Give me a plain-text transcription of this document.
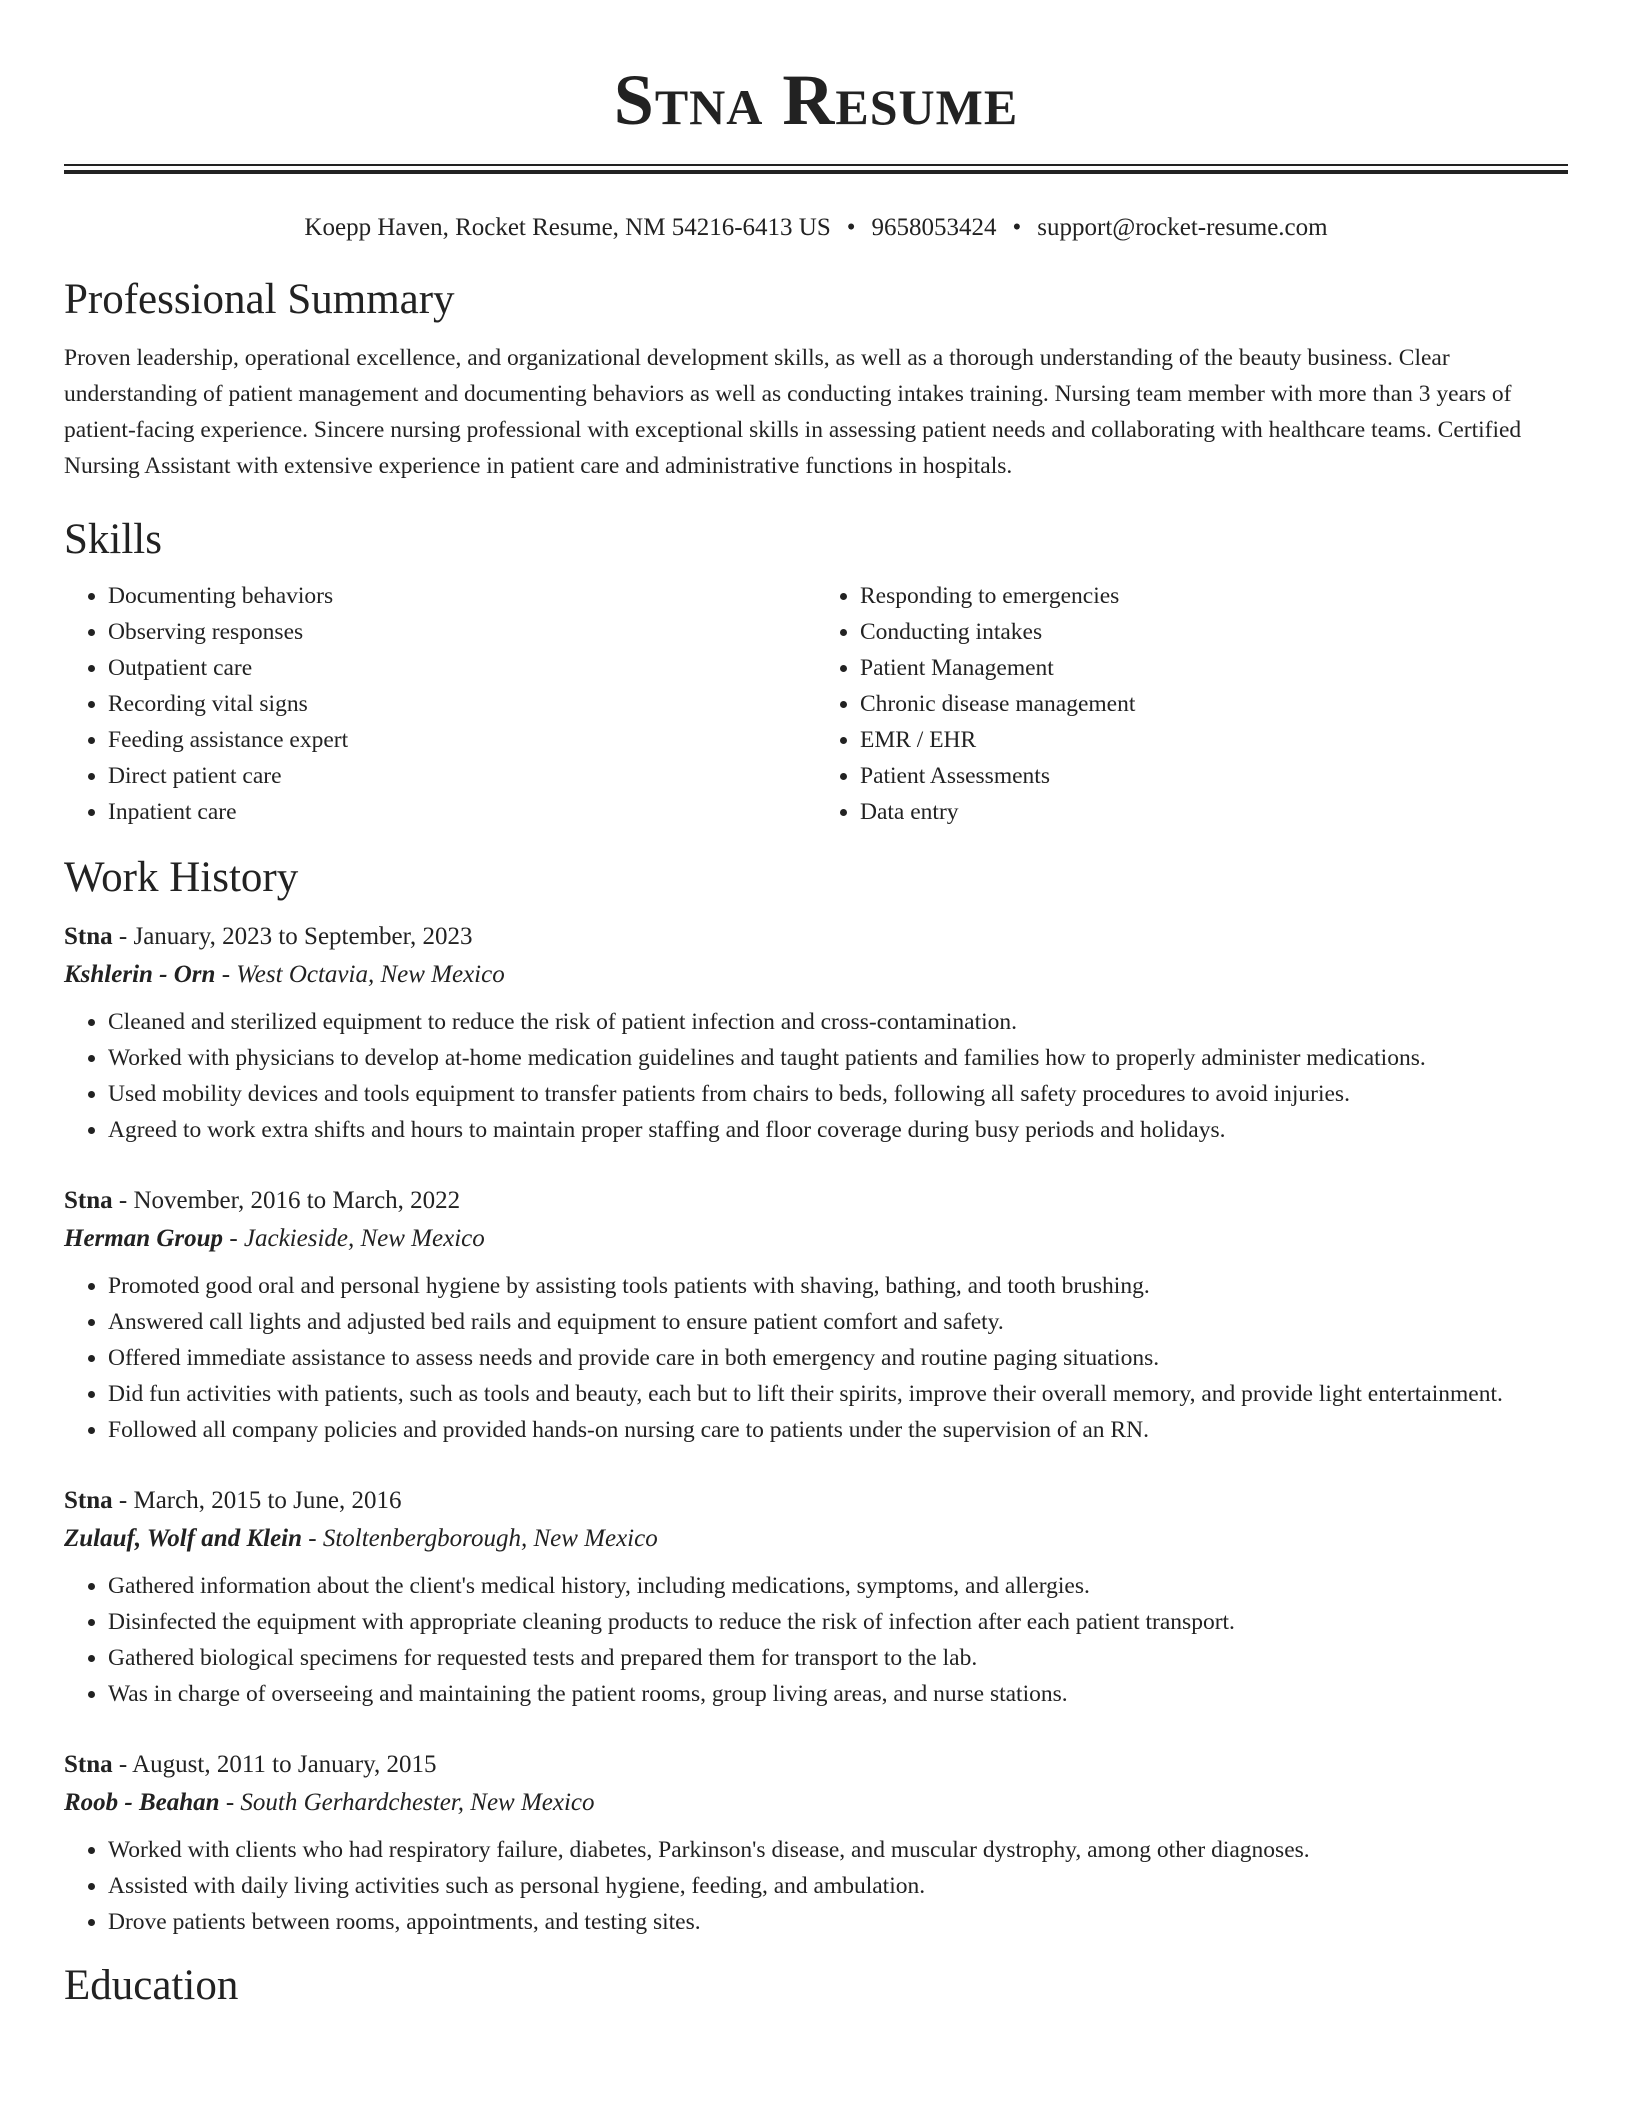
Stna Resume
Koepp Haven, Rocket Resume, NM 54216-6413 US • 9658053424 • support@rocket-resume.com
Professional Summary

Proven leadership, operational excellence, and organizational development skills, as well as a thorough understanding of the beauty business. Clear understanding of patient management and documenting behaviors as well as conducting intakes training. Nursing team member with more than 3 years of patient-facing experience. Sincere nursing professional with exceptional skills in assessing patient needs and collaborating with healthcare teams. Certified Nursing Assistant with extensive experience in patient care and administrative functions in hospitals.

Skills
• Documenting behaviors
• Observing responses
• Outpatient care
• Recording vital signs
• Feeding assistance expert
• Direct patient care
• Inpatient care
• Responding to emergencies
• Conducting intakes
• Patient Management
• Chronic disease management
• EMR / EHR
• Patient Assessments
• Data entry
Work History
Stna - January, 2023 to September, 2023
Kshlerin - Orn - West Octavia, New Mexico
• Cleaned and sterilized equipment to reduce the risk of patient infection and cross-contamination.
• Worked with physicians to develop at-home medication guidelines and taught patients and families how to properly administer medications.
• Used mobility devices and tools equipment to transfer patients from chairs to beds, following all safety procedures to avoid injuries.
• Agreed to work extra shifts and hours to maintain proper staffing and floor coverage during busy periods and holidays.
Stna - November, 2016 to March, 2022
Herman Group - Jackieside, New Mexico
• Promoted good oral and personal hygiene by assisting tools patients with shaving, bathing, and tooth brushing.
• Answered call lights and adjusted bed rails and equipment to ensure patient comfort and safety.
• Offered immediate assistance to assess needs and provide care in both emergency and routine paging situations.
• Did fun activities with patients, such as tools and beauty, each but to lift their spirits, improve their overall memory, and provide light entertainment.
• Followed all company policies and provided hands-on nursing care to patients under the supervision of an RN.
Stna - March, 2015 to June, 2016
Zulauf, Wolf and Klein - Stoltenbergborough, New Mexico
• Gathered information about the client's medical history, including medications, symptoms, and allergies.
• Disinfected the equipment with appropriate cleaning products to reduce the risk of infection after each patient transport.
• Gathered biological specimens for requested tests and prepared them for transport to the lab.
• Was in charge of overseeing and maintaining the patient rooms, group living areas, and nurse stations.
Stna - August, 2011 to January, 2015
Roob - Beahan - South Gerhardchester, New Mexico
• Worked with clients who had respiratory failure, diabetes, Parkinson's disease, and muscular dystrophy, among other diagnoses.
• Assisted with daily living activities such as personal hygiene, feeding, and ambulation.
• Drove patients between rooms, appointments, and testing sites.
Education
